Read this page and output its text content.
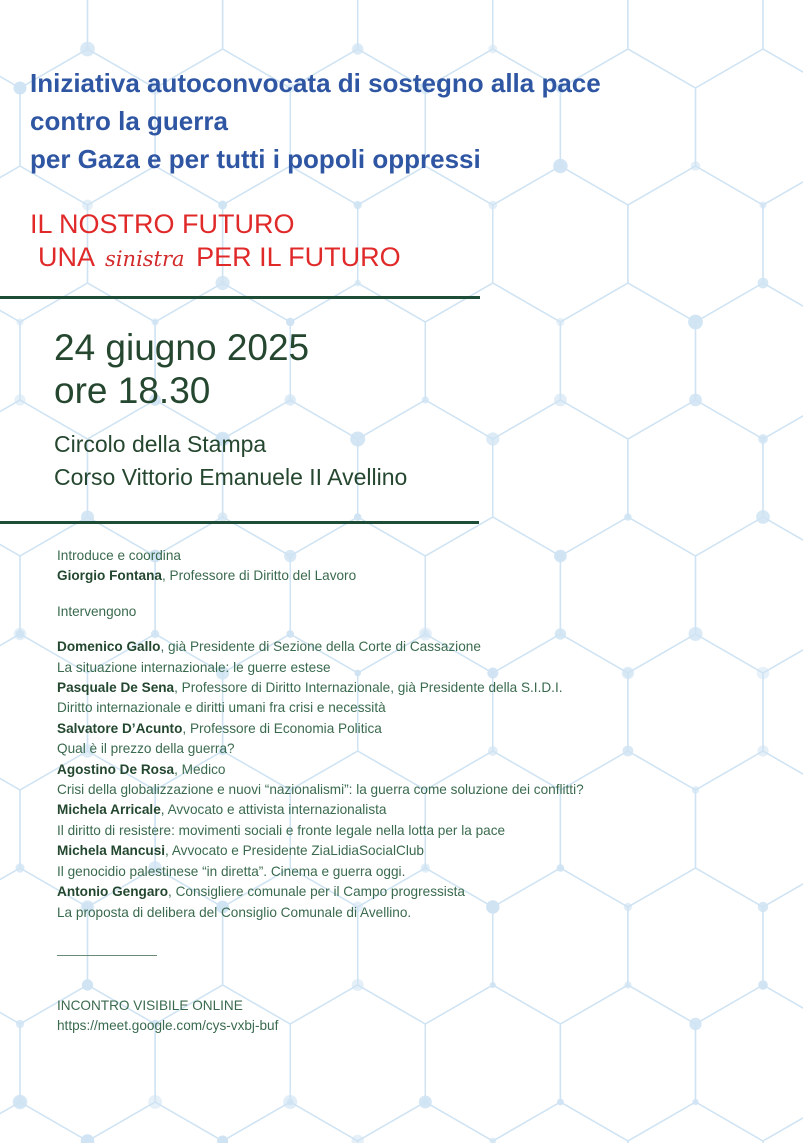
Iniziativa autoconvocata di sostegno alla pace
contro la guerra
per Gaza e per tutti i popoli oppressi
IL NOSTRO FUTURO
UNA sinistra PER IL FUTURO
24 giugno 2025
ore 18.30
Circolo della Stampa
Corso Vittorio Emanuele II Avellino
Introduce e coordina
Giorgio Fontana, Professore di Diritto del Lavoro
Intervengono
Domenico Gallo, già Presidente di Sezione della Corte di Cassazione
La situazione internazionale: le guerre estese
Pasquale De Sena, Professore di Diritto Internazionale, già Presidente della S.I.D.I.
Diritto internazionale e diritti umani fra crisi e necessità
Salvatore D’Acunto, Professore di Economia Politica
Qual è il prezzo della guerra?
Agostino De Rosa, Medico
Crisi della globalizzazione e nuovi “nazionalismi”: la guerra come soluzione dei conflitti?
Michela Arricale, Avvocato e attivista internazionalista
Il diritto di resistere: movimenti sociali e fronte legale nella lotta per la pace
Michela Mancusi, Avvocato e Presidente ZiaLidiaSocialClub
Il genocidio palestinese “in diretta”. Cinema e guerra oggi.
Antonio Gengaro, Consigliere comunale per il Campo progressista
La proposta di delibera del Consiglio Comunale di Avellino.
INCONTRO VISIBILE ONLINE
https://meet.google.com/cys-vxbj-buf
